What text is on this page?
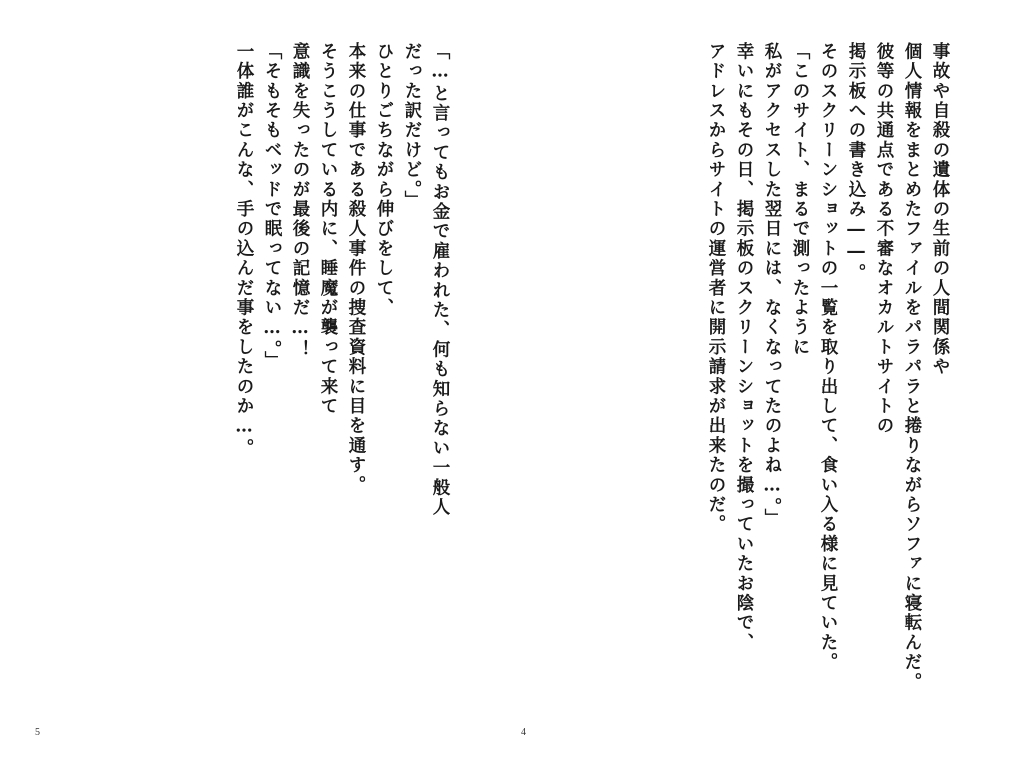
事故や自殺の遺体の生前の人間関係や
個人情報をまとめたファイルをパラパラと捲りながらソファに寝転んだ。
彼等の共通点である不審なオカルトサイトの
掲示板への書き込み――。
そのスクリーンショットの一覧を取り出して、食い入る様に見ていた。
「このサイト、まるで測ったように
私がアクセスした翌日には、なくなってたのよね…。」
幸いにもその日、掲示板のスクリーンショットを撮っていたお陰で、
アドレスからサイトの運営者に開示請求が出来たのだ。
4
「…と言ってもお金で雇われた、何も知らない一般人
だった訳だけど。」
ひとりごちながら伸びをして、
本来の仕事である殺人事件の捜査資料に目を通す。
そうこうしている内に、睡魔が襲って来て
意識を失ったのが最後の記憶だ…！
「そもそもベッドで眠ってない…。」
一体誰がこんな、手の込んだ事をしたのか…。
5
